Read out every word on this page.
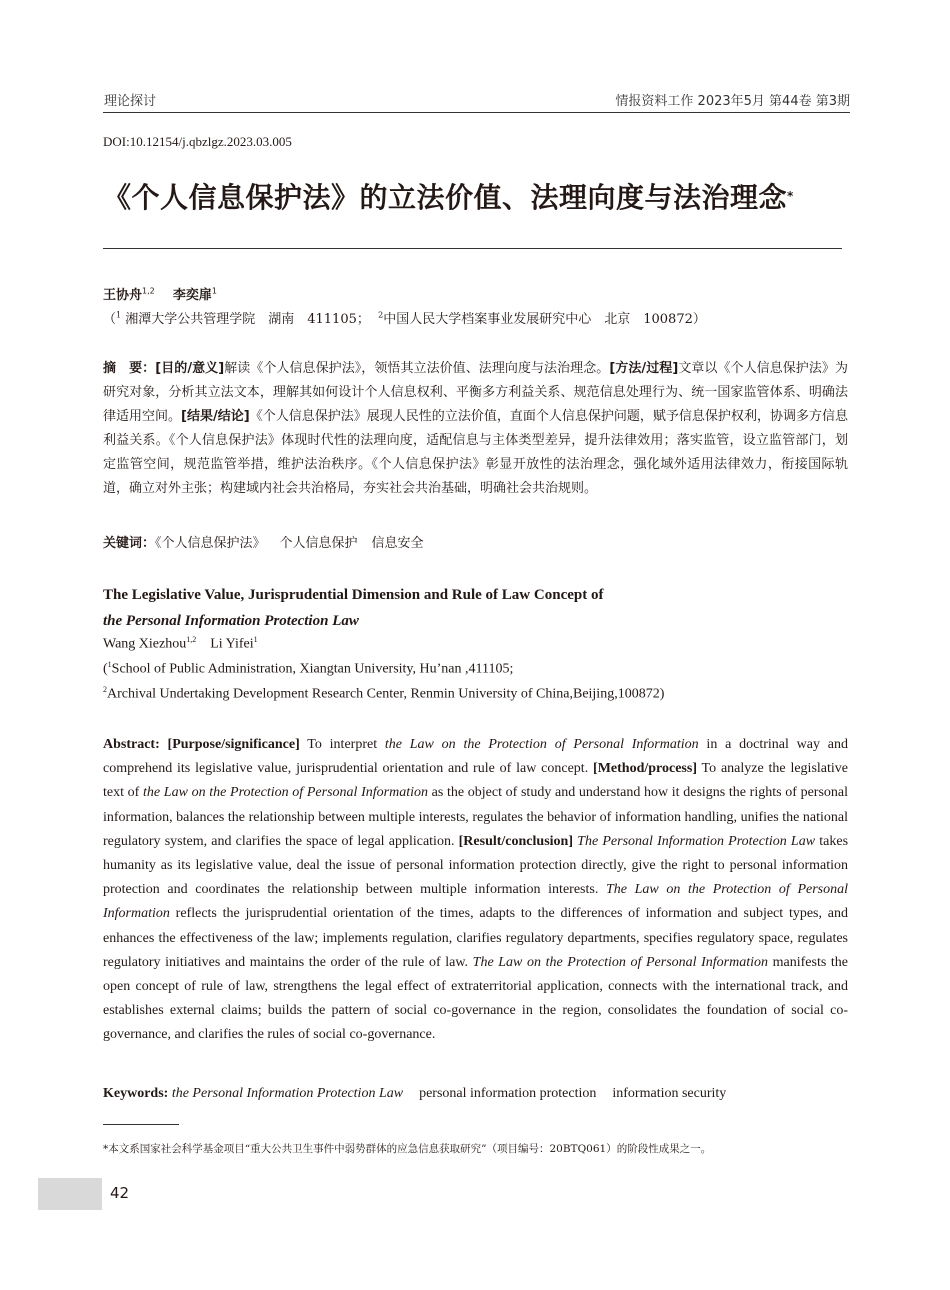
理论探讨	情报资料工作 2023年5月 第44卷 第3期
DOI:10.12154/j.qbzlgz.2023.03.005
《个人信息保护法》的立法价值、法理向度与法治理念*
王协舟$^{1,2}$ 李奕扉$^1$
（$^1$ 湘潭大学公共管理学院　湖南　411105； $^2$中国人民大学档案事业发展研究中心　北京　100872）
摘　要：[目的/意义]解读《个人信息保护法》，领悟其立法价值、法理向度与法治理念。[方法/过程]文章以《个人信息保护法》为研究对象，分析其立法文本，理解其如何设计个人信息权利、平衡多方利益关系、规范信息处理行为、统一国家监管体系、明确法律适用空间。[结果/结论]《个人信息保护法》展现人民性的立法价值，直面个人信息保护问题，赋予信息保护权利，协调多方信息利益关系。《个人信息保护法》体现时代性的法理向度，适配信息与主体类型差异，提升法律效用；落实监管，设立监管部门，划定监管空间，规范监管举措，维护法治秩序。《个人信息保护法》彰显开放性的法治理念，强化域外适用法律效力，衔接国际轨道，确立对外主张；构建域内社会共治格局，夯实社会共治基础，明确社会共治规则。
关键词：《个人信息保护法》 个人信息保护 信息安全
The Legislative Value, Jurisprudential Dimension and Rule of Law Concept of
the Personal Information Protection Law
Wang Xiezhou$^{1,2}$ Li Yifei$^1$
($^1$School of Public Administration, Xiangtan University, Hu’nan ,411105;
$^2$Archival Undertaking Development Research Center, Renmin University of China,Beijing,100872)
Abstract: [Purpose/significance] To interpret the Law on the Protection of Personal Information in a doctrinal way and comprehend its legislative value, jurisprudential orientation and rule of law concept. [Method/process] To analyze the legislative text of the Law on the Protection of Personal Information as the object of study and understand how it designs the rights of personal information, balances the relationship between multiple interests, regulates the behavior of information handling, unifies the national regulatory system, and clarifies the space of legal application. [Result/conclusion] The Personal Information Protection Law takes humanity as its legislative value, deal the issue of personal information protection directly, give the right to personal information protection and coordinates the relationship between multiple information interests. The Law on the Protection of Personal Information reflects the jurisprudential orientation of the times, adapts to the differences of information and subject types, and enhances the effectiveness of the law; implements regulation, clarifies regulatory departments, specifies regulatory space, regulates regulatory initiatives and maintains the order of the rule of law. The Law on the Protection of Personal Information manifests the open concept of rule of law, strengthens the legal effect of extraterritorial application, connects with the international track, and establishes external claims; builds the pattern of social co-governance in the region, consolidates the foundation of social co-governance, and clarifies the rules of social co-governance.
Keywords: the Personal Information Protection Law personal information protection information security
*本文系国家社会科学基金项目“重大公共卫生事件中弱势群体的应急信息获取研究”（项目编号：20BTQ061）的阶段性成果之一。
42
